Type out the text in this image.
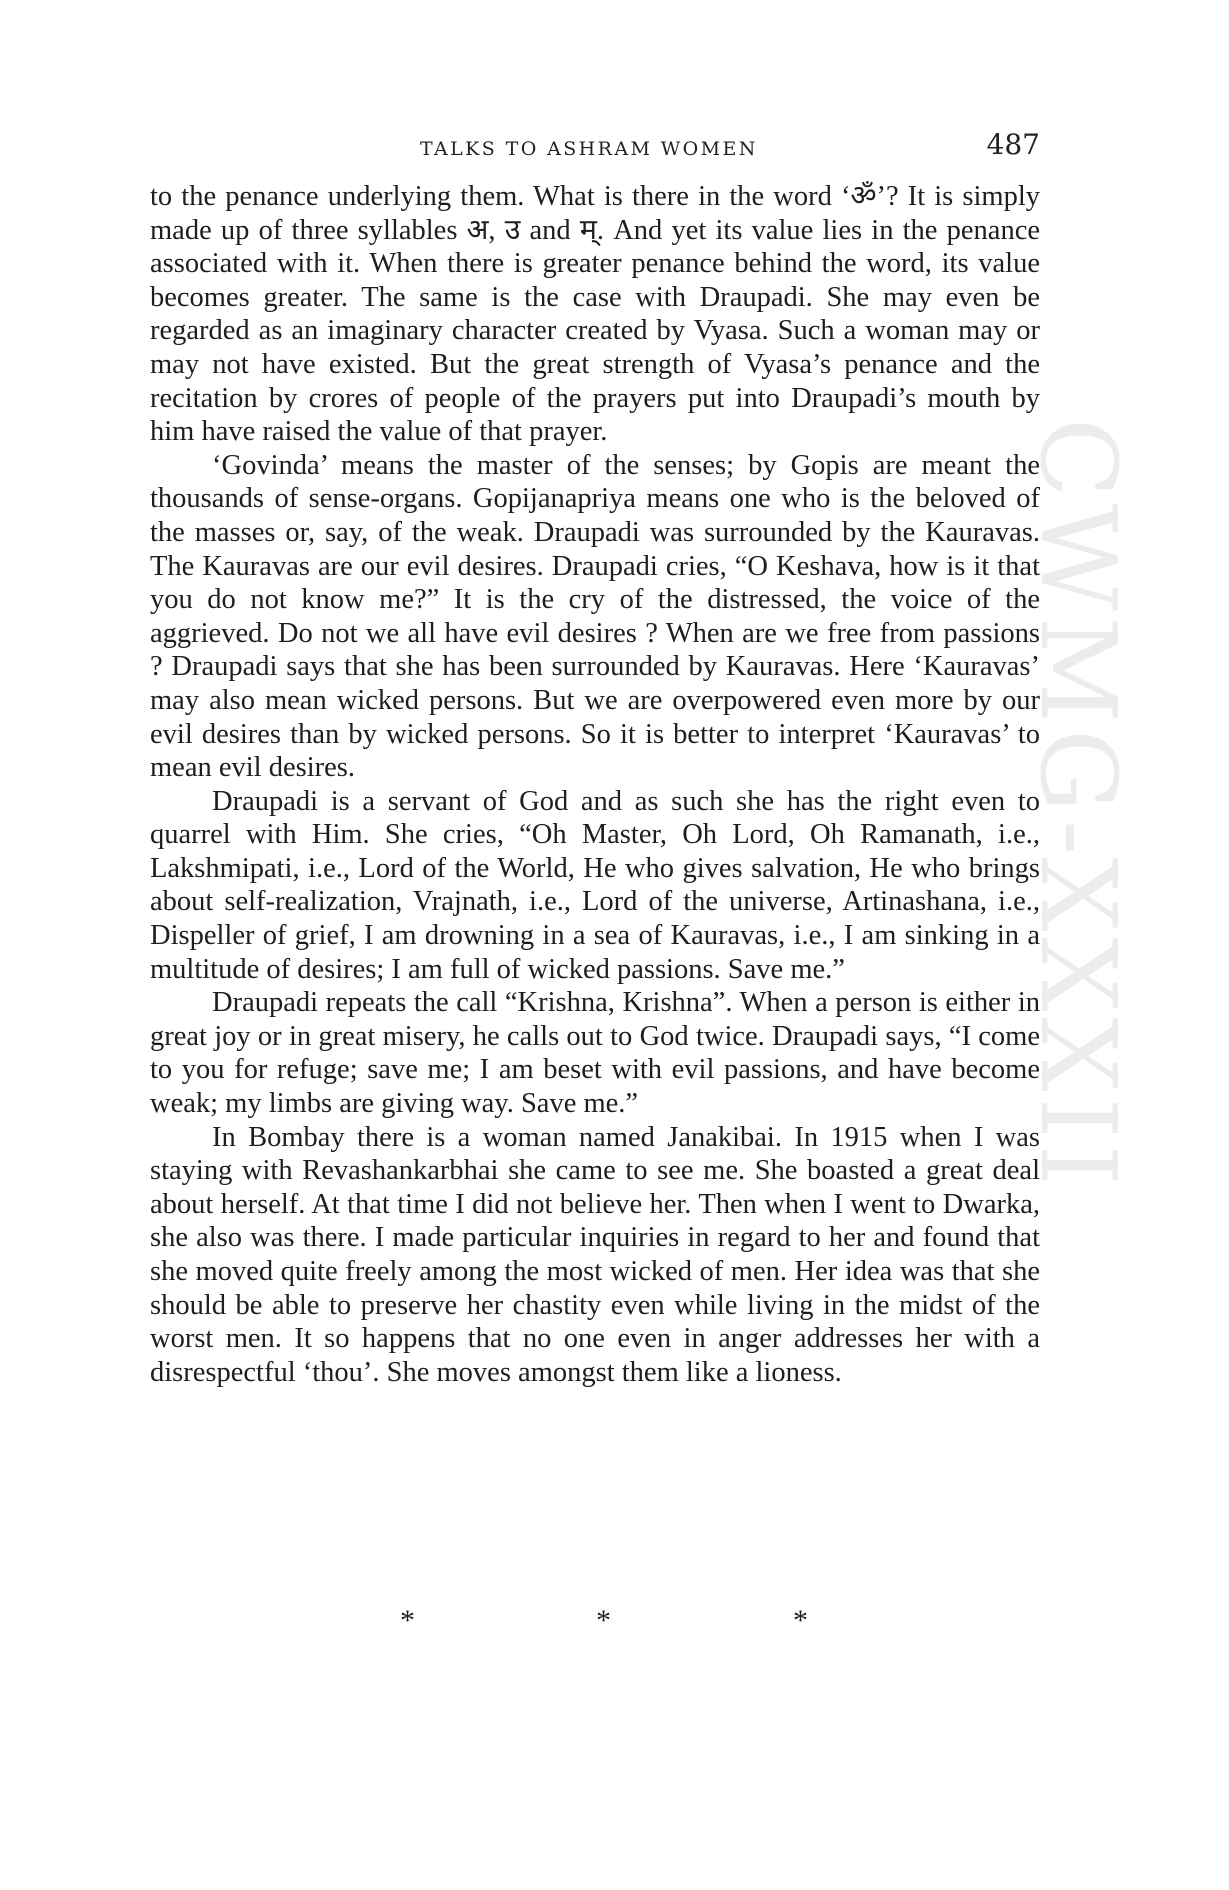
CWMG-XXXII
TALKS TO ASHRAM WOMEN	487

to the penance underlying them. What is there in the word ‘ॐ’? It is simply made up of three syllables अ, उ and म्. And yet its value lies in the penance associated with it. When there is greater penance behind the word, its value becomes greater. The same is the case with Draupadi. She may even be regarded as an imaginary character created by Vyasa. Such a woman may or may not have existed. But the great strength of Vyasa’s penance and the recitation by crores of people of the prayers put into Draupadi’s mouth by him have raised the value of that prayer.

‘Govinda’ means the master of the senses; by Gopis are meant the thousands of sense-organs. Gopijanapriya means one who is the beloved of the masses or, say, of the weak. Draupadi was surrounded by the Kauravas. The Kauravas are our evil desires. Draupadi cries, “O Keshava, how is it that you do not know me?” It is the cry of the distressed, the voice of the aggrieved. Do not we all have evil desires ? When are we free from passions ? Draupadi says that she has been surrounded by Kauravas. Here ‘Kauravas’ may also mean wicked persons. But we are overpowered even more by our evil desires than by wicked persons. So it is better to interpret ‘Kauravas’ to mean evil desires.

Draupadi is a servant of God and as such she has the right even to quarrel with Him. She cries, “Oh Master, Oh Lord, Oh Ramanath, i.e., Lakshmipati, i.e., Lord of the World, He who gives salvation, He who brings about self-realization, Vrajnath, i.e., Lord of the universe, Artinashana, i.e., Dispeller of grief, I am drowning in a sea of Kauravas, i.e., I am sinking in a multitude of desires; I am full of wicked passions. Save me.”

Draupadi repeats the call “Krishna, Krishna”. When a person is either in great joy or in great misery, he calls out to God twice. Draupadi says, “I come to you for refuge; save me; I am beset with evil passions, and have become weak; my limbs are giving way. Save me.”

In Bombay there is a woman named Janakibai. In 1915 when I was staying with Revashankarbhai she came to see me. She boasted a great deal about herself. At that time I did not believe her. Then when I went to Dwarka, she also was there. I made particular inquiries in regard to her and found that she moved quite freely among the most wicked of men. Her idea was that she should be able to preserve her chastity even while living in the midst of the worst men. It so happens that no one even in anger addresses her with a disrespectful ‘thou’. She moves amongst them like a lioness.

*	*	*
